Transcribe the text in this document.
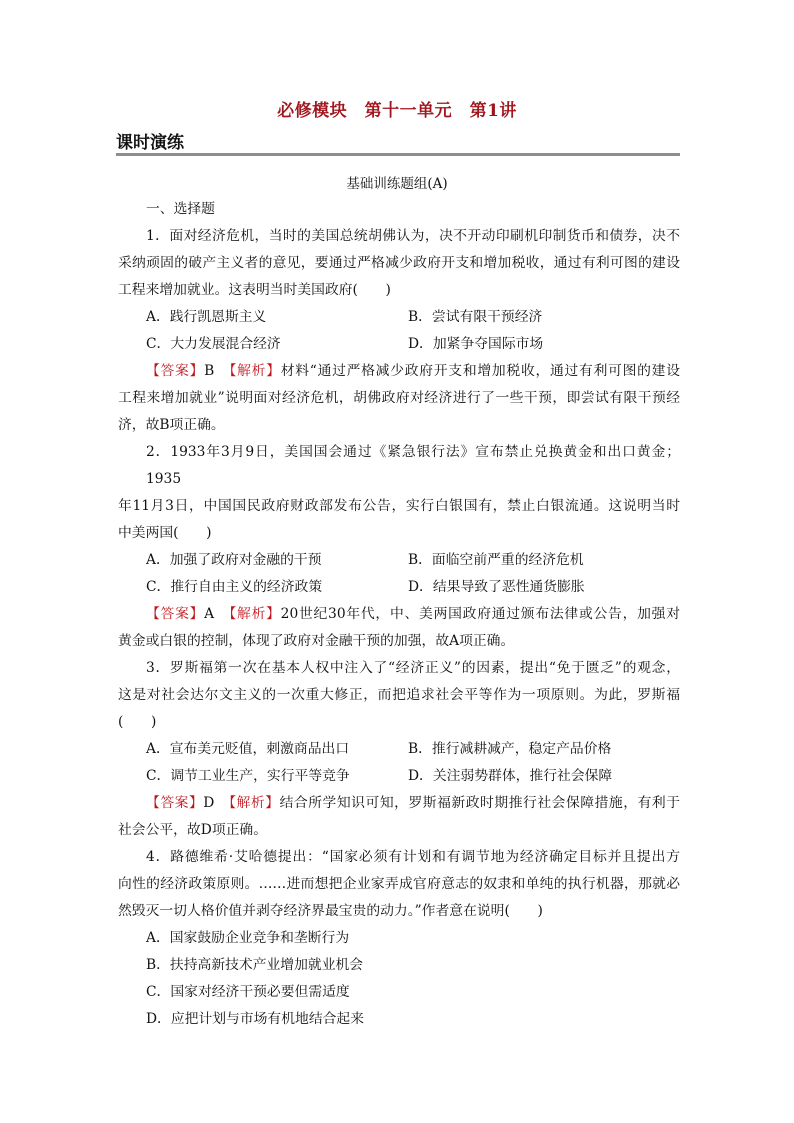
必修模块　第十一单元　第1讲
课时演练
基础训练题组(A)
一、选择题
1．面对经济危机，当时的美国总统胡佛认为，决不开动印刷机印制货币和债券，决不
采纳顽固的破产主义者的意见，要通过严格减少政府开支和增加税收，通过有利可图的建设
工程来增加就业。这表明当时美国政府(　　)
A．践行凯恩斯主义	B．尝试有限干预经济
C．大力发展混合经济	D．加紧争夺国际市场
【答案】B　 【解析】材料“通过严格减少政府开支和增加税收，通过有利可图的建设
工程来增加就业”说明面对经济危机，胡佛政府对经济进行了一些干预，即尝试有限干预经
济，故B项正确。
2．1933年3月9日，美国国会通过《紧急银行法》宣布禁止兑换黄金和出口黄金；1935
年11月3日，中国国民政府财政部发布公告，实行白银国有，禁止白银流通。这说明当时
中美两国(　　)
A．加强了政府对金融的干预	B．面临空前严重的经济危机
C．推行自由主义的经济政策	D．结果导致了恶性通货膨胀
【答案】A　 【解析】20世纪30年代，中、美两国政府通过颁布法律或公告，加强对
黄金或白银的控制，体现了政府对金融干预的加强，故A项正确。
3．罗斯福第一次在基本人权中注入了“经济正义”的因素，提出“免于匮乏”的观念，
这是对社会达尔文主义的一次重大修正，而把追求社会平等作为一项原则。为此，罗斯福
(　　)
A．宣布美元贬值，刺激商品出口	B．推行减耕减产，稳定产品价格
C．调节工业生产，实行平等竞争	D．关注弱势群体，推行社会保障
【答案】D　 【解析】结合所学知识可知，罗斯福新政时期推行社会保障措施，有利于
社会公平，故D项正确。
4．路德维希·艾哈德提出：“国家必须有计划和有调节地为经济确定目标并且提出方
向性的经济政策原则。……进而想把企业家弄成官府意志的奴隶和单纯的执行机器，那就必
然毁灭一切人格价值并剥夺经济界最宝贵的动力。”作者意在说明(　　)
A．国家鼓励企业竞争和垄断行为
B．扶持高新技术产业增加就业机会
C．国家对经济干预必要但需适度
D．应把计划与市场有机地结合起来
